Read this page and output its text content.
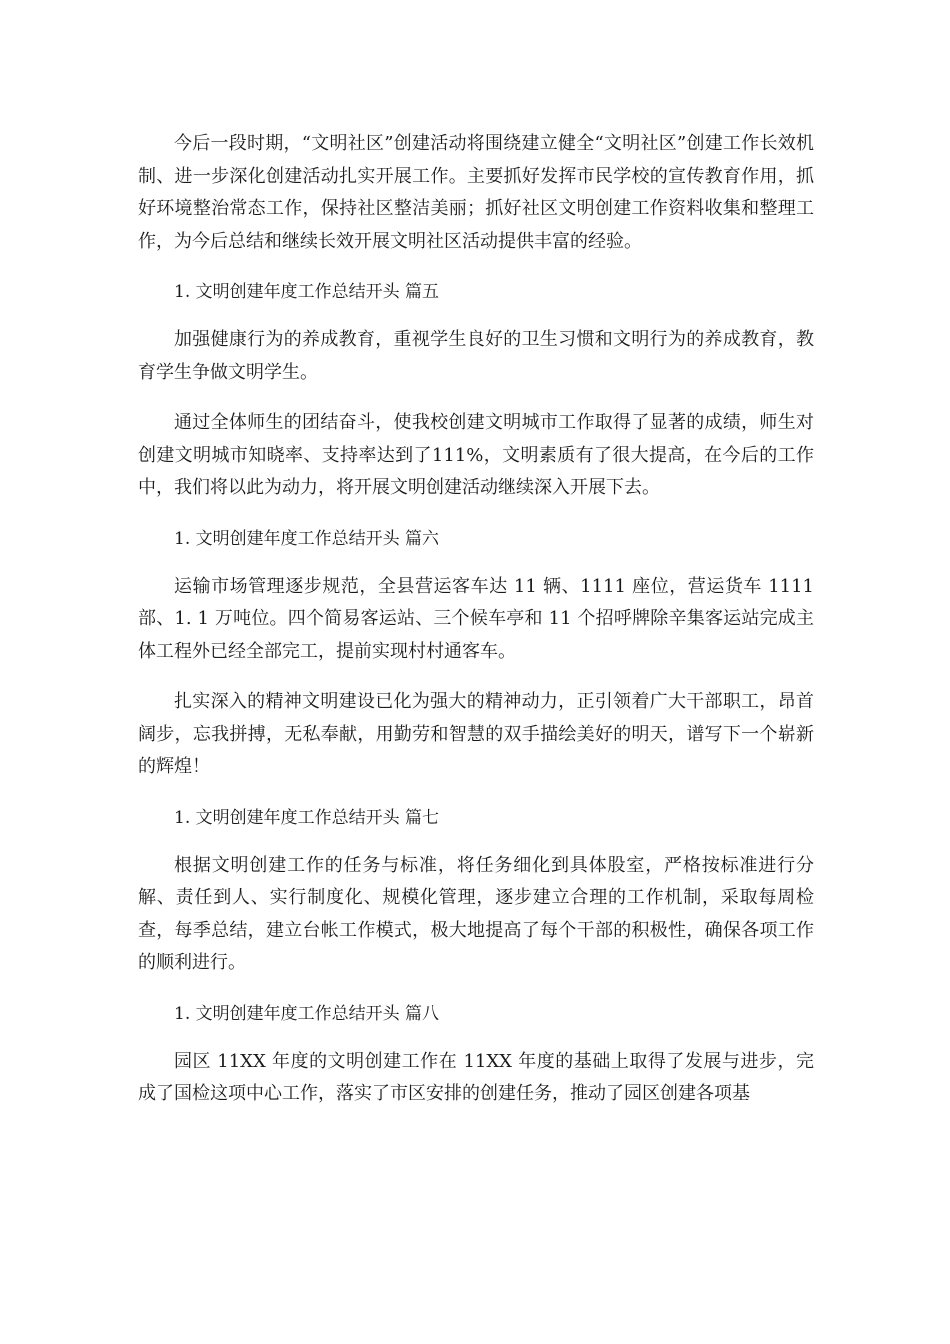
今后一段时期，“文明社区”创建活动将围绕建立健全“文明社区”创建工作长效机制、进一步深化创建活动扎实开展工作。主要抓好发挥市民学校的宣传教育作用，抓好环境整治常态工作，保持社区整洁美丽；抓好社区文明创建工作资料收集和整理工作，为今后总结和继续长效开展文明社区活动提供丰富的经验。

1. 文明创建年度工作总结开头 篇五

加强健康行为的养成教育，重视学生良好的卫生习惯和文明行为的养成教育，教育学生争做文明学生。

通过全体师生的团结奋斗，使我校创建文明城市工作取得了显著的成绩，师生对创建文明城市知晓率、支持率达到了111%，文明素质有了很大提高，在今后的工作中，我们将以此为动力，将开展文明创建活动继续深入开展下去。

1. 文明创建年度工作总结开头 篇六

运输市场管理逐步规范，全县营运客车达 11 辆、1111 座位，营运货车 1111 部、1. 1 万吨位。四个简易客运站、三个候车亭和 11 个招呼牌除辛集客运站完成主体工程外已经全部完工，提前实现村村通客车。

扎实深入的精神文明建设已化为强大的精神动力，正引领着广大干部职工，昂首阔步，忘我拼搏，无私奉献，用勤劳和智慧的双手描绘美好的明天，谱写下一个崭新的辉煌！

1. 文明创建年度工作总结开头 篇七

根据文明创建工作的任务与标准，将任务细化到具体股室，严格按标准进行分解、责任到人、实行制度化、规模化管理，逐步建立合理的工作机制，采取每周检查，每季总结，建立台帐工作模式，极大地提高了每个干部的积极性，确保各项工作的顺利进行。

1. 文明创建年度工作总结开头 篇八

园区 11XX 年度的文明创建工作在 11XX 年度的基础上取得了发展与进步，完成了国检这项中心工作，落实了市区安排的创建任务，推动了园区创建各项基
